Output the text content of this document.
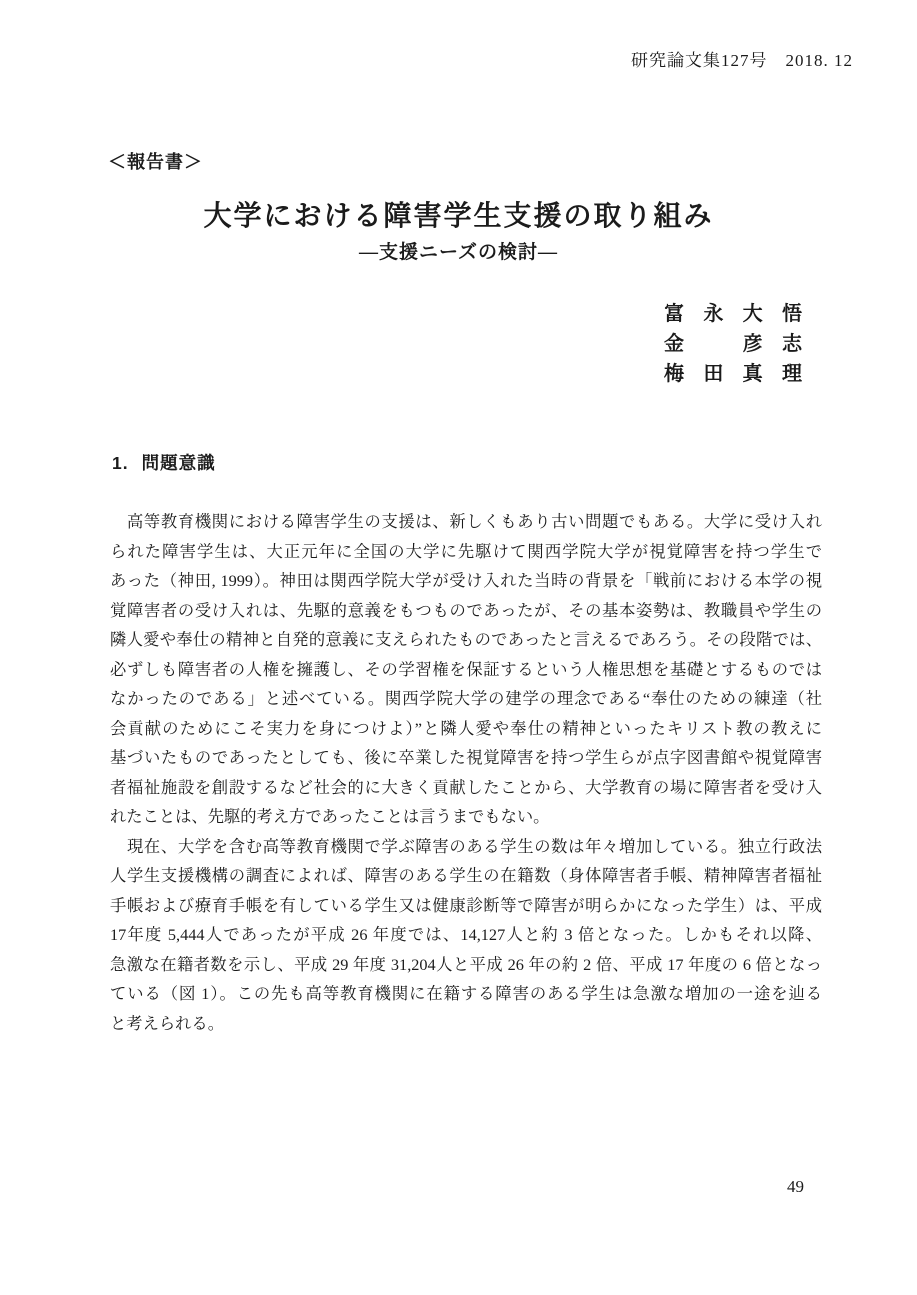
研究論文集127号　2018. 12
＜報告書＞
大学における障害学生支援の取り組み
―支援ニーズの検討―
富永大悟
金　彦志
梅田真理
1. 問題意識
　高等教育機関における障害学生の支援は、新しくもあり古い問題でもある。大学に受け入れ
られた障害学生は、大正元年に全国の大学に先駆けて関西学院大学が視覚障害を持つ学生で
あった（神田, 1999）。神田は関西学院大学が受け入れた当時の背景を「戦前における本学の視
覚障害者の受け入れは、先駆的意義をもつものであったが、その基本姿勢は、教職員や学生の
隣人愛や奉仕の精神と自発的意義に支えられたものであったと言えるであろう。その段階では、
必ずしも障害者の人権を擁護し、その学習権を保証するという人権思想を基礎とするものでは
なかったのである」と述べている。関西学院大学の建学の理念である“奉仕のための練達（社
会貢献のためにこそ実力を身につけよ）”と隣人愛や奉仕の精神といったキリスト教の教えに
基づいたものであったとしても、後に卒業した視覚障害を持つ学生らが点字図書館や視覚障害
者福祉施設を創設するなど社会的に大きく貢献したことから、大学教育の場に障害者を受け入
れたことは、先駆的考え方であったことは言うまでもない。
　現在、大学を含む高等教育機関で学ぶ障害のある学生の数は年々増加している。独立行政法
人学生支援機構の調査によれば、障害のある学生の在籍数（身体障害者手帳、精神障害者福祉
手帳および療育手帳を有している学生又は健康診断等で障害が明らかになった学生）は、平成
17年度 5,444人であったが平成 26 年度では、14,127人と約 3 倍となった。しかもそれ以降、
急激な在籍者数を示し、平成 29 年度 31,204人と平成 26 年の約 2 倍、平成 17 年度の 6 倍となっ
ている（図 1）。この先も高等教育機関に在籍する障害のある学生は急激な増加の一途を辿る
と考えられる。
49
